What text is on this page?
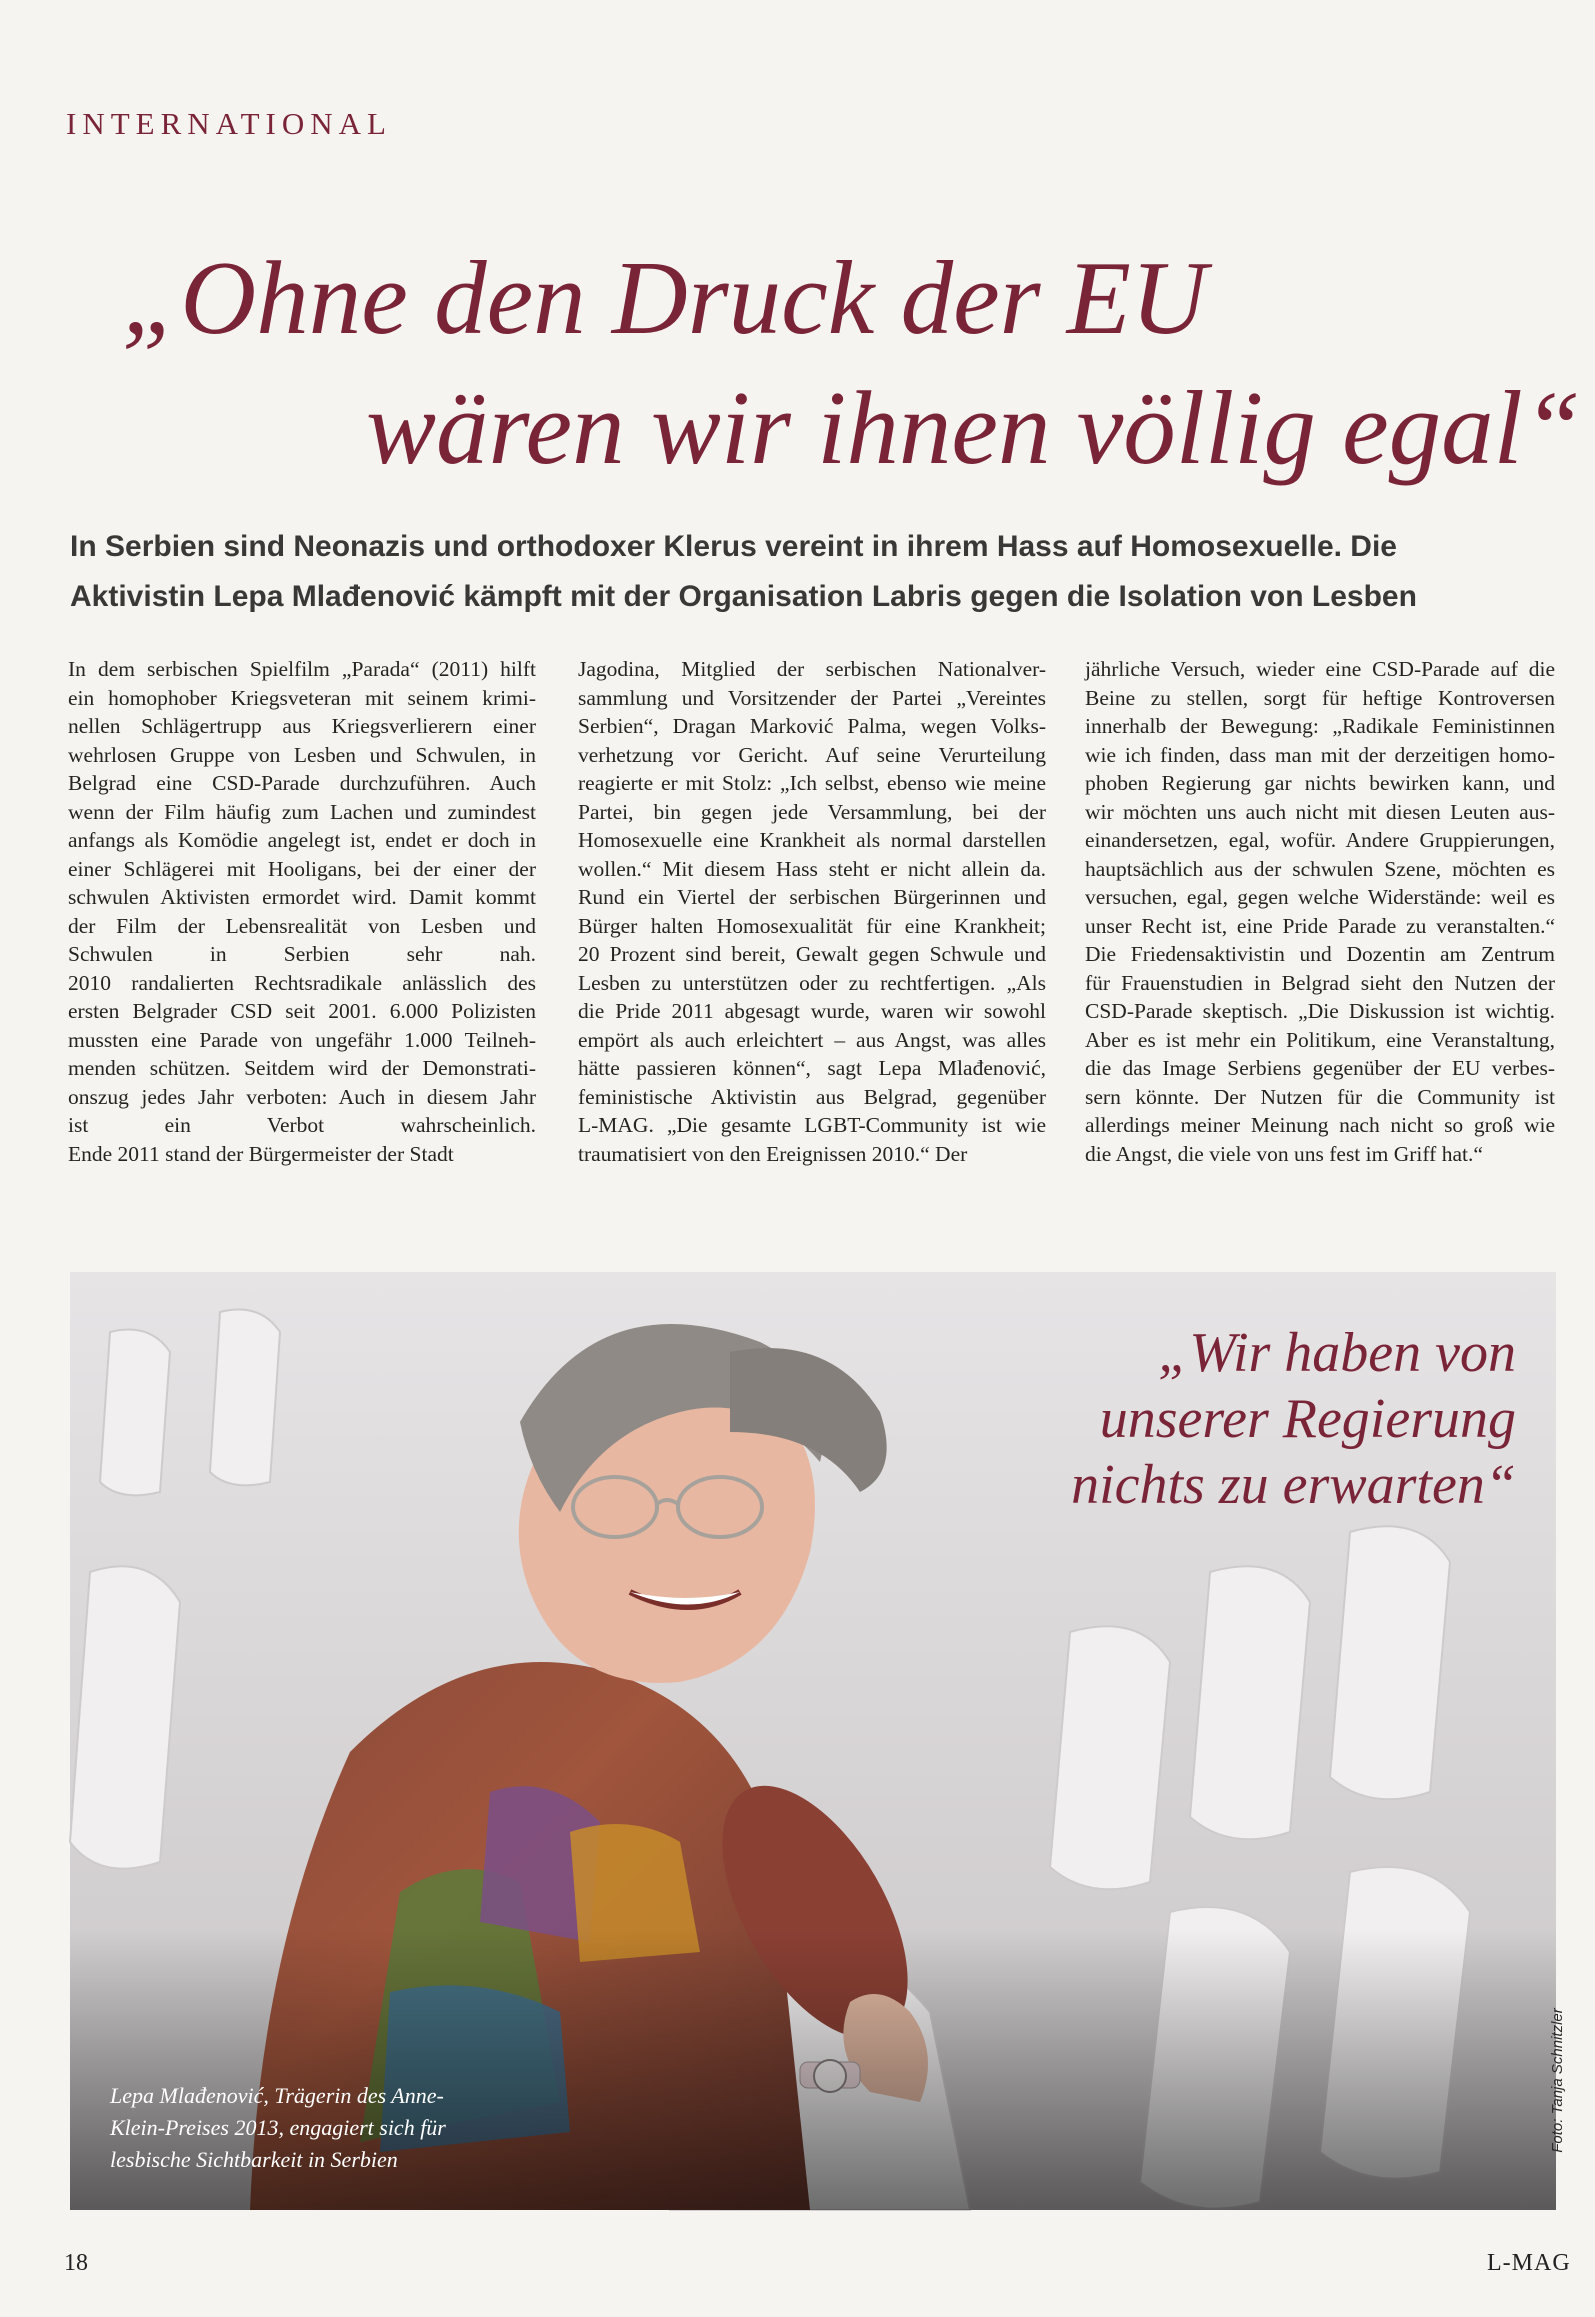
INTERNATIONAL
„Ohne den Druck der EU
wären wir ihnen völlig egal“
In Serbien sind Neonazis und orthodoxer Klerus vereint in ihrem Hass auf Homosexuelle. Die
Aktivistin Lepa Mlađenović kämpft mit der Organisation Labris gegen die Isolation von Lesben
In dem serbischen Spielfilm „Parada“ (2011) hilft
ein homophober Kriegsveteran mit seinem krimi-
nellen Schlägertrupp aus Kriegsverlierern einer
wehrlosen Gruppe von Lesben und Schwulen, in
Belgrad eine CSD-Parade durchzuführen. Auch
wenn der Film häufig zum Lachen und zumindest
anfangs als Komödie angelegt ist, endet er doch in
einer Schlägerei mit Hooligans, bei der einer der
schwulen Aktivisten ermordet wird. Damit kommt
der Film der Lebensrealität von Lesben und
Schwulen in Serbien sehr nah.
2010 randalierten Rechtsradikale anlässlich des
ersten Belgrader CSD seit 2001. 6.000 Polizisten
mussten eine Parade von ungefähr 1.000 Teilneh-
menden schützen. Seitdem wird der Demonstrati-
onszug jedes Jahr verboten: Auch in diesem Jahr
ist ein Verbot wahrscheinlich.
Ende 2011 stand der Bürgermeister der Stadt
Jagodina, Mitglied der serbischen Nationalver-
sammlung und Vorsitzender der Partei „Vereintes
Serbien“, Dragan Marković Palma, wegen Volks-
verhetzung vor Gericht. Auf seine Verurteilung
reagierte er mit Stolz: „Ich selbst, ebenso wie meine
Partei, bin gegen jede Versammlung, bei der
Homosexuelle eine Krankheit als normal darstellen
wollen.“ Mit diesem Hass steht er nicht allein da.
Rund ein Viertel der serbischen Bürgerinnen und
Bürger halten Homosexualität für eine Krankheit;
20 Prozent sind bereit, Gewalt gegen Schwule und
Lesben zu unterstützen oder zu rechtfertigen. „Als
die Pride 2011 abgesagt wurde, waren wir sowohl
empört als auch erleichtert – aus Angst, was alles
hätte passieren können“, sagt Lepa Mlađenović,
feministische Aktivistin aus Belgrad, gegenüber
L-MAG. „Die gesamte LGBT-Community ist wie
traumatisiert von den Ereignissen 2010.“ Der
jährliche Versuch, wieder eine CSD-Parade auf die
Beine zu stellen, sorgt für heftige Kontroversen
innerhalb der Bewegung: „Radikale Feministinnen
wie ich finden, dass man mit der derzeitigen homo-
phoben Regierung gar nichts bewirken kann, und
wir möchten uns auch nicht mit diesen Leuten aus-
einandersetzen, egal, wofür. Andere Gruppierungen,
hauptsächlich aus der schwulen Szene, möchten es
versuchen, egal, gegen welche Widerstände: weil es
unser Recht ist, eine Pride Parade zu veranstalten.“
Die Friedensaktivistin und Dozentin am Zentrum
für Frauenstudien in Belgrad sieht den Nutzen der
CSD-Parade skeptisch. „Die Diskussion ist wichtig.
Aber es ist mehr ein Politikum, eine Veranstaltung,
die das Image Serbiens gegenüber der EU verbes-
sern könnte. Der Nutzen für die Community ist
allerdings meiner Meinung nach nicht so groß wie
die Angst, die viele von uns fest im Griff hat.“
„Wir haben von
unserer Regierung
nichts zu erwarten“
Lepa Mlađenović, Trägerin des Anne-
Klein-Preises 2013, engagiert sich für
lesbische Sichtbarkeit in Serbien
Foto: Tanja Schnitzler
18	L-MAG
